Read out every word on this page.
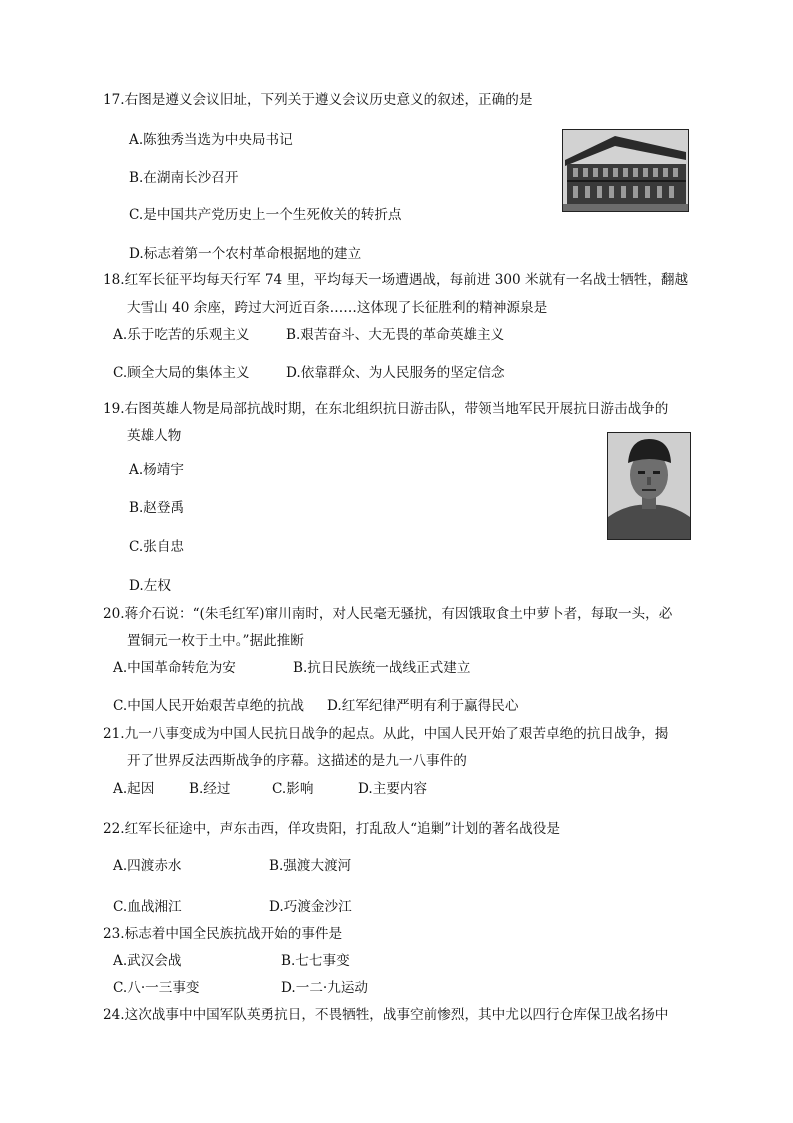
17.右图是遵义会议旧址，下列关于遵义会议历史意义的叙述，正确的是
A.陈独秀当选为中央局书记
B.在湖南长沙召开
C.是中国共产党历史上一个生死攸关的转折点
D.标志着第一个农村革命根据地的建立
18.红军长征平均每天行军 74 里，平均每天一场遭遇战，每前进 300 米就有一名战士牺牲，翻越
大雪山 40 余座，跨过大河近百条……这体现了长征胜利的精神源泉是
A.乐于吃苦的乐观主义	B.艰苦奋斗、大无畏的革命英雄主义
C.顾全大局的集体主义	D.依靠群众、为人民服务的坚定信念
19.右图英雄人物是局部抗战时期，在东北组织抗日游击队，带领当地军民开展抗日游击战争的
英雄人物
A.杨靖宇
B.赵登禹
C.张自忠
D.左权
20.蒋介石说：“(朱毛红军)窜川南时，对人民毫无骚扰，有因饿取食土中萝卜者，每取一头，必
置铜元一枚于土中。”据此推断
A.中国革命转危为安	B.抗日民族统一战线正式建立
C.中国人民开始艰苦卓绝的抗战 D.红军纪律严明有利于赢得民心
21.九一八事变成为中国人民抗日战争的起点。从此，中国人民开始了艰苦卓绝的抗日战争，揭
开了世界反法西斯战争的序幕。这描述的是九一八事件的
A.起因	B.经过	C.影响	D.主要内容
22.红军长征途中，声东击西，佯攻贵阳，打乱敌人“追剿”计划的著名战役是
A.四渡赤水	B.强渡大渡河
C.血战湘江	D.巧渡金沙江
23.标志着中国全民族抗战开始的事件是
A.武汉会战	B.七七事变
C.八·一三事变	D.一二·九运动
24.这次战事中中国军队英勇抗日，不畏牺牲，战事空前惨烈，其中尤以四行仓库保卫战名扬中
